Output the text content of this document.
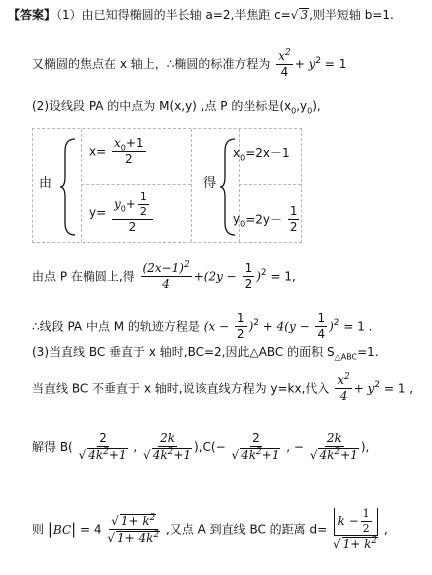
【答案】（1）由已知得椭圆的半长轴 a=2,半焦距 c=√ 3,则半短轴 b=1.
又椭圆的焦点在 x 轴上，∴椭圆的标准方程为 $\frac{x^2}{4} + y^2 = 1$
(2)设线段 PA 的中点为 M(x,y) ,点 P 的坐标是$(x_0,y_0)$,
由
$x= \frac{x_0+1}{2}$
$y= \frac{y_0+ \frac{1}{2}}{2}$
得
$x_0=2x-1$
$y_0=2y- \frac{1}{2}$
由点 P 在椭圆上,得 $\frac{(2x-1)^2}{4} +(2y - \frac{1}{2} )^2 = 1$,
∴线段 PA 中点 M 的轨迹方程是 $(x - \frac{1}{2} )^2 + 4(y - \frac{1}{4} )^2 = 1$ .
(3)当直线 BC 垂直于 x 轴时,BC=2,因此△ABC 的面积 $S_{\triangle ABC}=1$.
当直线 BC 不垂直于 x 轴时,说该直线方程为 y=kx,代入 $\frac{x^2}{4} + y^2 = 1$ ,
解得 $B( \frac{2}{√ 4k^2+1}$ , $\frac{2k}{√ 4k^2+1} ),C(- \frac{2}{√ 4k^2+1}$ , − $\frac{2k}{√ 4k^2+1}$ ),
则 $|BC| = 4 \frac{√ 1+ k^2}{√ 1+ 4k^2}$ ,又点 A 到直线 BC 的距离 $d= \frac{k - \frac{1}{2}}{√ 1+ k^2}$ ,
